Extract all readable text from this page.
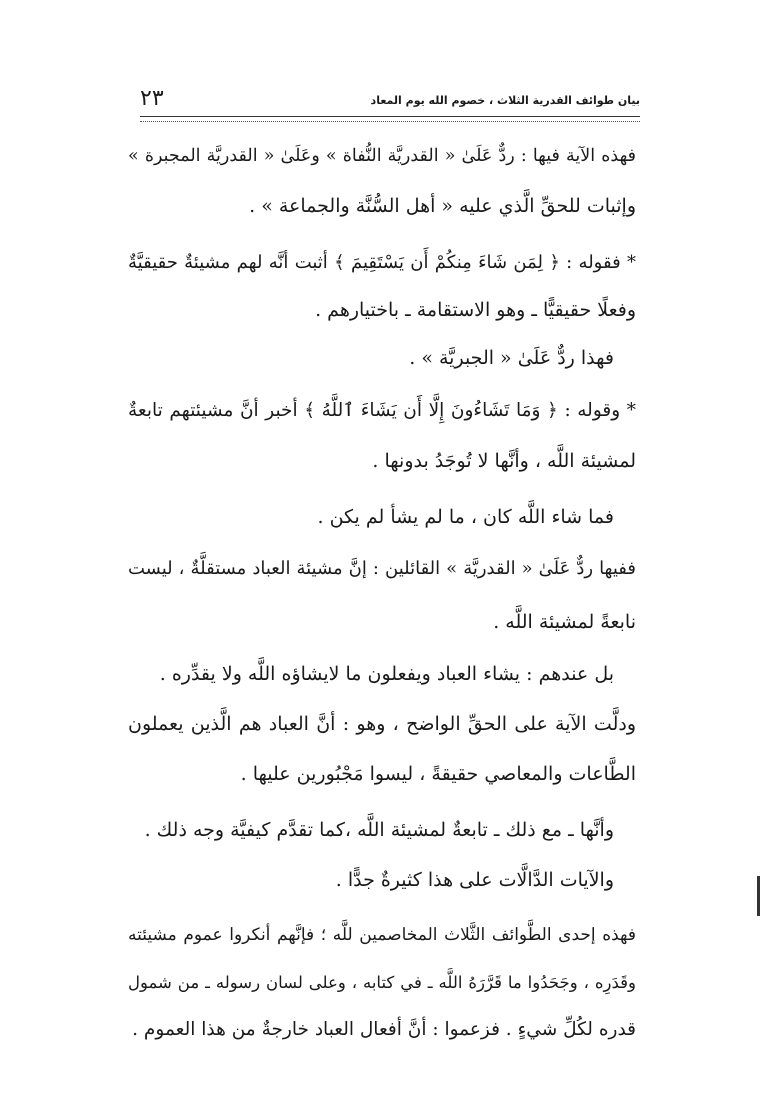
بيان طوائف القدرية الثلاث ، خصوم الله يوم المعاد
٢٣
فهذه الآية فيها : ردٌّ عَلَىٰ « القدريَّة النُّفاة » وعَلَىٰ « القدريَّة المجبرة »
وإثبات للحقِّ الَّذي عليه « أهل السُّنَّة والجماعة » .
* فقوله : ﴿ لِمَن شَاءَ مِنكُمْ أَن يَسْتَقِيمَ ﴾ أثبت أنَّه لهم مشيئةٌ حقيقيَّةٌ
وفعلًا حقيقيًّا ـ وهو الاستقامة ـ باختيارهم .
فهذا ردٌّ عَلَىٰ « الجبريَّة » .
* وقوله : ﴿ وَمَا تَشَاءُونَ إِلَّا أَن يَشَاءَ ٱللَّهُ ﴾ أخبر أنَّ مشيئتهم تابعةٌ
لمشيئة اللَّه ، وأنَّها لا تُوجَدُ بدونها .
فما شاء اللَّه كان ، ما لم يشأ لم يكن .
ففيها ردٌّ عَلَىٰ « القدريَّة » القائلين : إنَّ مشيئة العباد مستقلَّةٌ ، ليست
نابعةً لمشيئة اللَّه .
بل عندهم : يشاء العباد ويفعلون ما لايشاؤه اللَّه ولا يقدِّره .
ودلَّت الآية على الحقِّ الواضح ، وهو : أنَّ العباد هم الَّذين يعملون
الطَّاعات والمعاصي حقيقةً ، ليسوا مَجْبُورين عليها .
وأنَّها ـ مع ذلك ـ تابعةٌ لمشيئة اللَّه ،كما تقدَّم كيفيَّة وجه ذلك .
والآيات الدَّالَّات على هذا كثيرةٌ جدًّا .
فهذه إحدى الطَّوائف الثَّلاث المخاصمين للَّه ؛ فإنَّهم أنكروا عموم مشيئته
وقَدَرِه ، وجَحَدُوا ما قَرَّرَهُ اللَّه ـ في كتابه ، وعلى لسان رسوله ـ من شمول
قدره لكُلِّ شيءٍ . فزعموا : أنَّ أفعال العباد خارجةٌ من هذا العموم .
